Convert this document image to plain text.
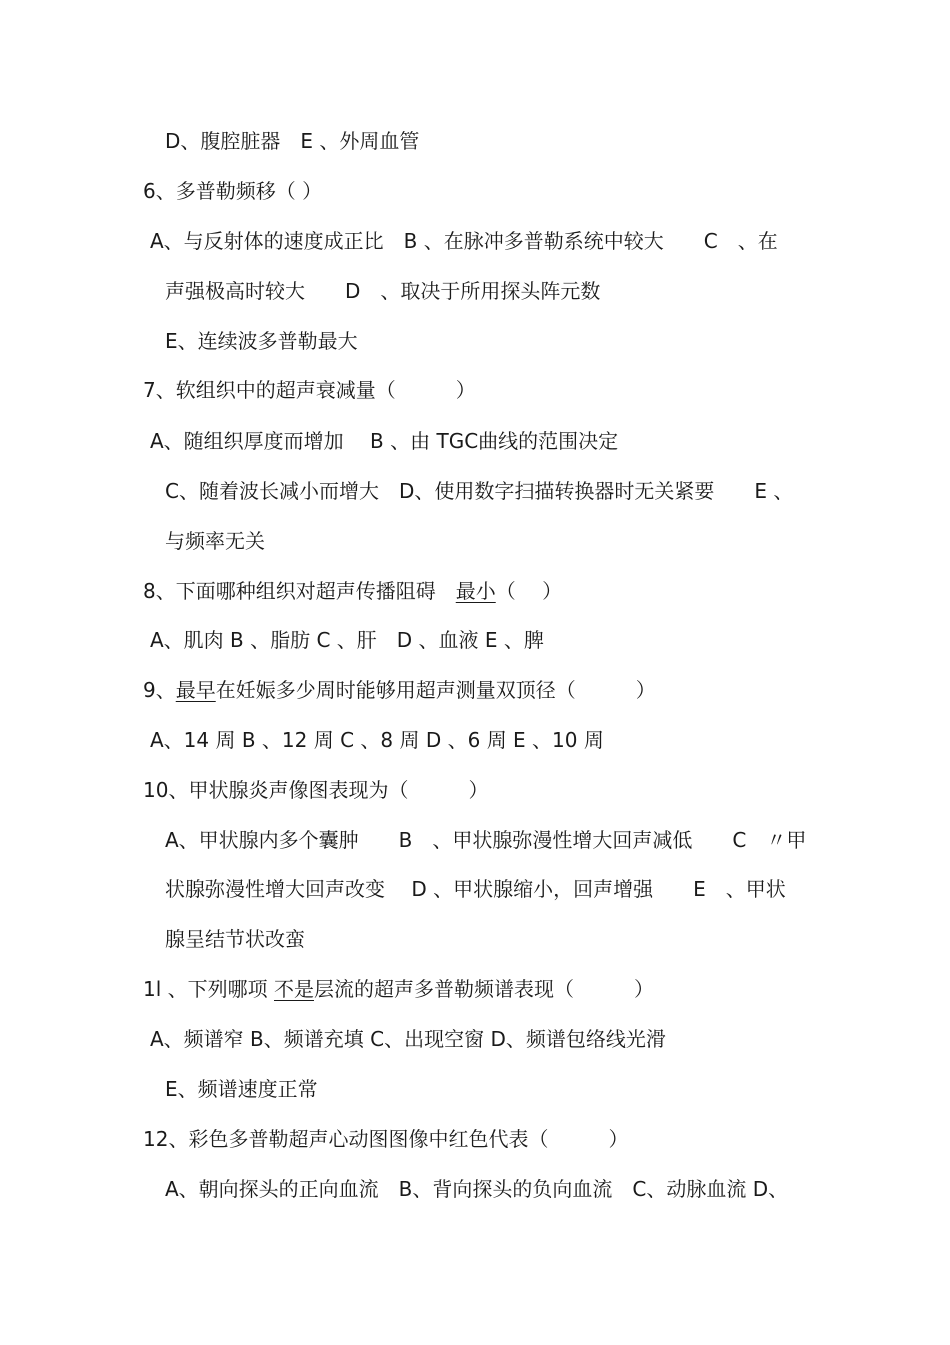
D、腹腔脏器　E 、外周血管
6、多普勒频移（ ）
A、与反射体的速度成正比　B 、在脉冲多普勒系统中较大　　C　、在
声强极高时较大　　D　、取决于所用探头阵元数
E、连续波多普勒最大
7、软组织中的超声衰减量（　　　）
A、随组织厚度而增加　 B 、由 TGC曲线的范围决定
C、随着波长减小而增大　D、使用数字扫描转换器时无关紧要　　E 、
与频率无关
8、下面哪种组织对超声传播阻碍　最小（　 ）
A、肌肉 B 、脂肪 C 、肝　D 、血液 E 、脾
9、最早在妊娠多少周时能够用超声测量双顶径（　　　）
A、14 周 B 、12 周 C 、8 周 D 、6 周 E 、10 周
10、甲状腺炎声像图表现为（　　　）
A、甲状腺内多个囊肿　　B　、甲状腺弥漫性增大回声减低　　C　〃甲
状腺弥漫性增大回声改变　 D 、甲状腺缩小，回声增强　　E　、甲状
腺呈结节状改蛮
1l 、下列哪项 不是层流的超声多普勒频谱表现（　　　）
A、频谱窄 B、频谱充填 C、出现空窗 D、频谱包络线光滑
E、频谱速度正常
12、彩色多普勒超声心动图图像中红色代表（　　　）
A、朝向探头的正向血流　B、背向探头的负向血流　C、动脉血流 D、
